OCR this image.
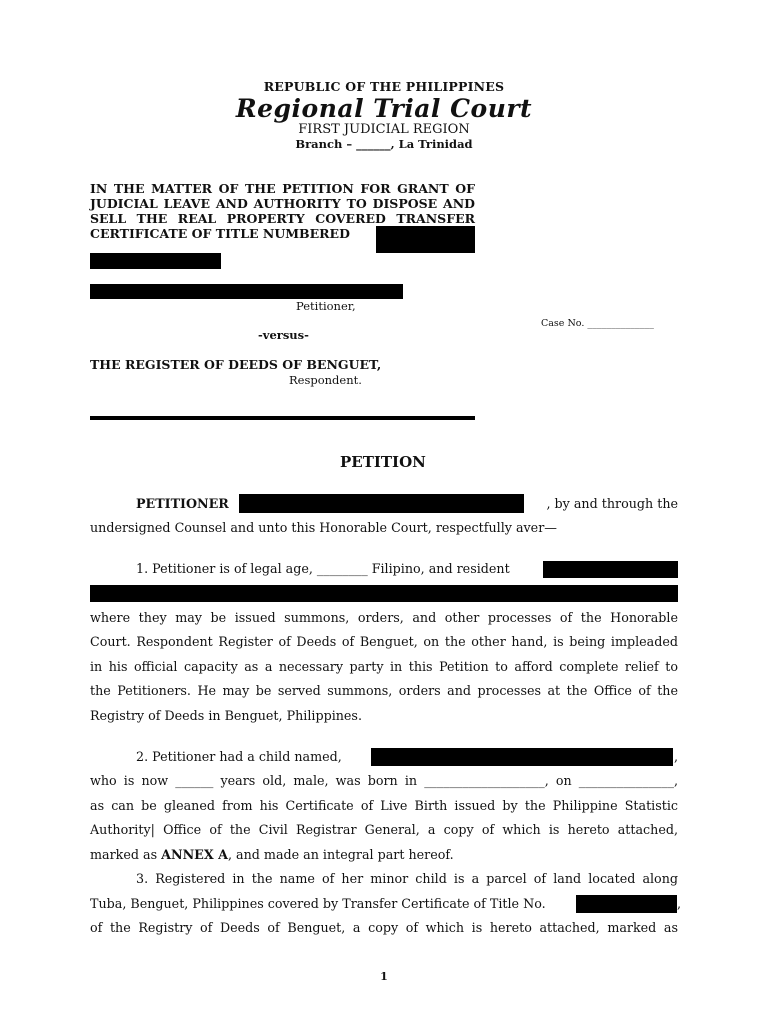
REPUBLIC OF THE PHILIPPINES
Regional Trial Court
FIRST JUDICIAL REGION
Branch – ______, La Trinidad
IN THE MATTER OF THE PETITION FOR GRANT OF
JUDICIAL LEAVE AND AUTHORITY TO DISPOSE AND
SELL THE REAL PROPERTY COVERED TRANSFER
CERTIFICATE OF TITLE NUMBERED
Petitioner,
Case No. ______________
-versus-
THE REGISTER OF DEEDS OF BENGUET,
Respondent.
PETITION
PETITIONER	, by and through the
undersigned Counsel and unto this Honorable Court, respectfully aver—
1. Petitioner is of legal age, ________ Filipino, and resident
where they may be issued summons, orders, and other processes of the Honorable
Court. Respondent Register of Deeds of Benguet, on the other hand, is being impleaded
in his official capacity as a necessary party in this Petition to afford complete relief to
the Petitioners. He may be served summons, orders and processes at the Office of the
Registry of Deeds in Benguet, Philippines.
2. Petitioner had a child named,	,
who is now ______ years old, male, was born in ___________________, on _______________,
as can be gleaned from his Certificate of Live Birth issued by the Philippine Statistic
Authority| Office of the Civil Registrar General, a copy of which is hereto attached,
marked as ANNEX A, and made an integral part hereof.
3. Registered in the name of her minor child is a parcel of land located along
Tuba, Benguet, Philippines covered by Transfer Certificate of Title No.	,
of the Registry of Deeds of Benguet, a copy of which is hereto attached, marked as
1
